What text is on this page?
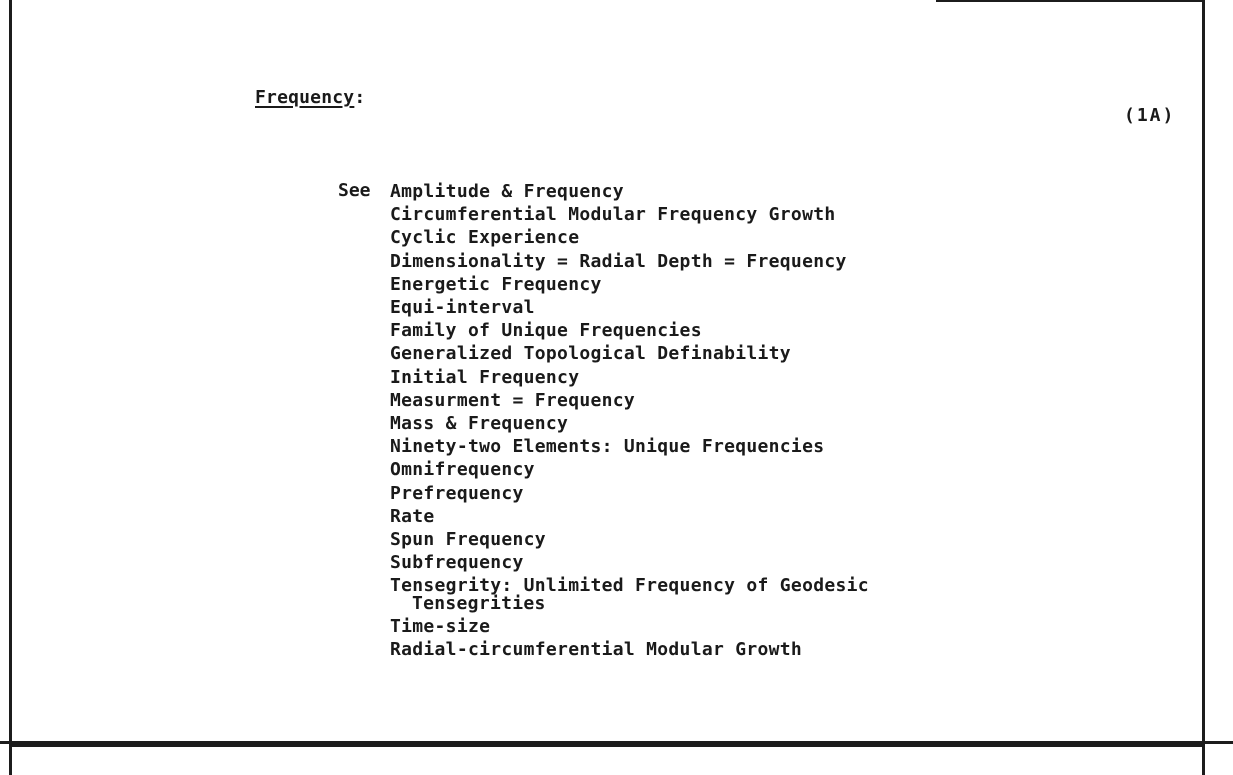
Frequency:
(1A)
See Amplitude & Frequency
Circumferential Modular Frequency Growth
Cyclic Experience
Dimensionality = Radial Depth = Frequency
Energetic Frequency
Equi-interval
Family of Unique Frequencies
Generalized Topological Definability
Initial Frequency
Measurment = Frequency
Mass & Frequency
Ninety-two Elements: Unique Frequencies
Omnifrequency
Prefrequency
Rate
Spun Frequency
Subfrequency
Tensegrity: Unlimited Frequency of Geodesic
Tensegrities
Time-size
Radial-circumferential Modular Growth
